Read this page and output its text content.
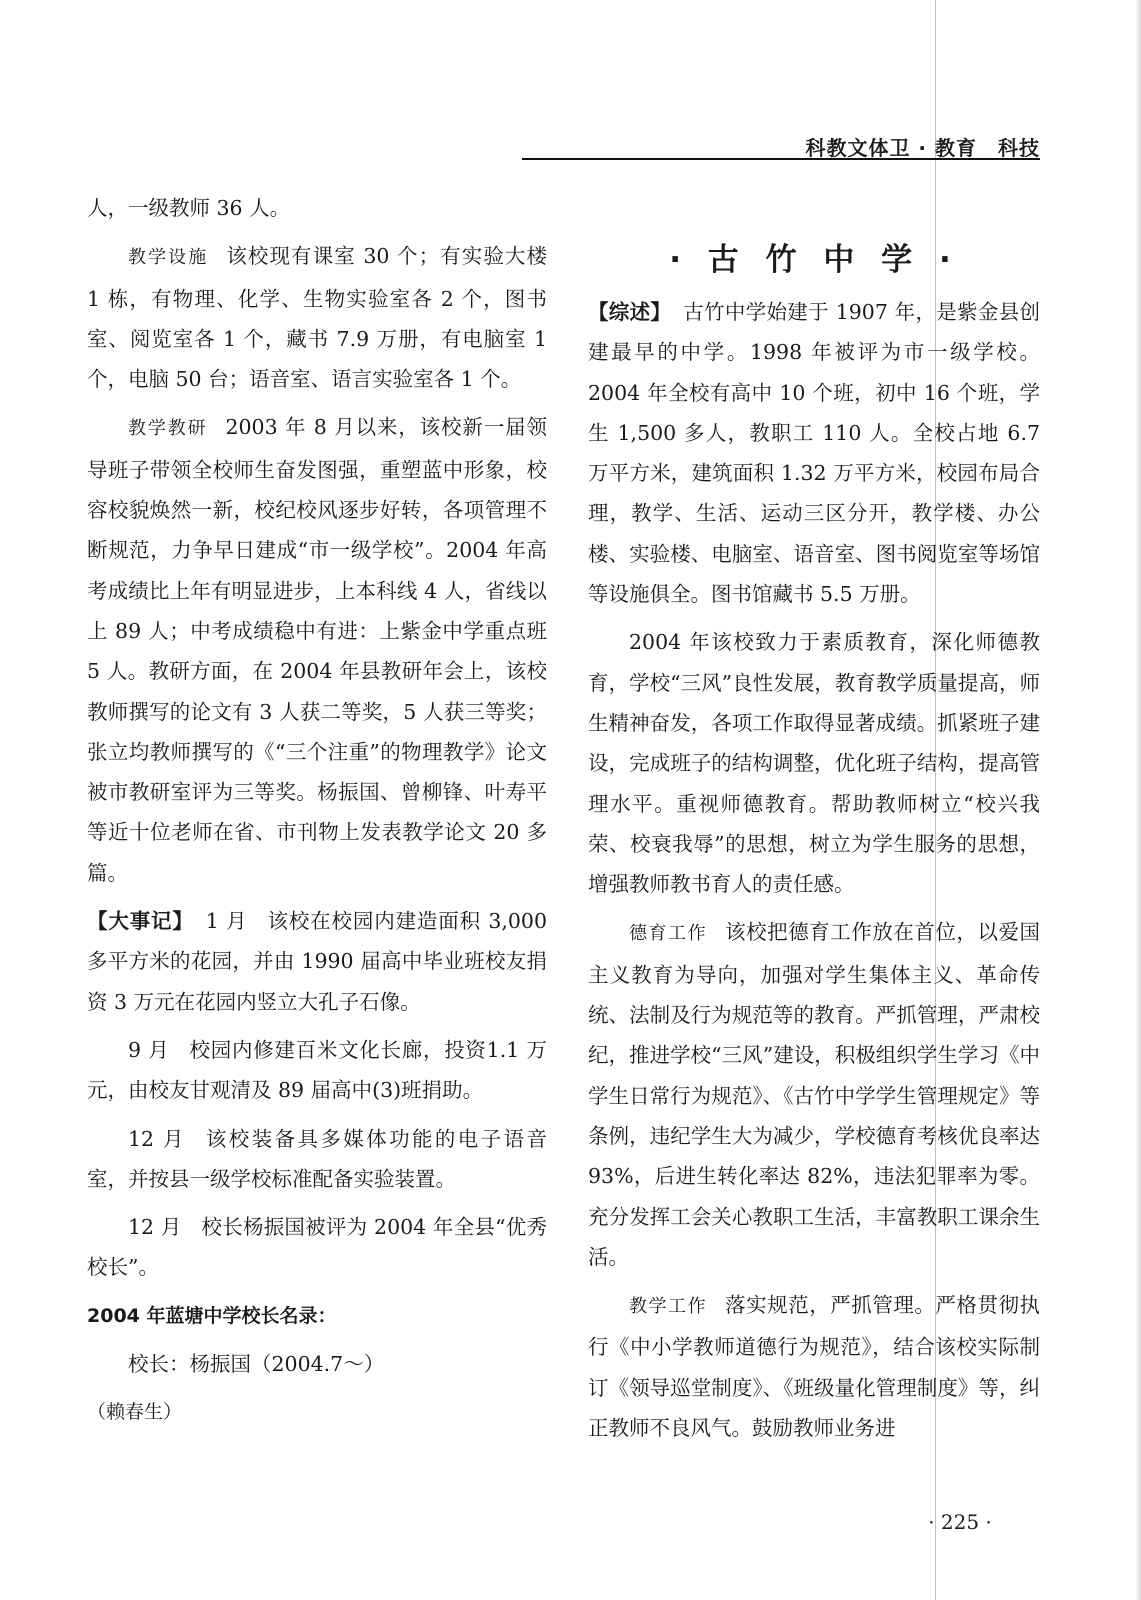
科教文体卫 · 教育　科技

人，一级教师 36 人。

教学设施 该校现有课室 30 个；有实验大楼 1 栋，有物理、化学、生物实验室各 2 个，图书室、阅览室各 1 个，藏书 7.9 万册，有电脑室 1 个，电脑 50 台；语音室、语言实验室各 1 个。

教学教研 2003 年 8 月以来，该校新一届领导班子带领全校师生奋发图强，重塑蓝中形象，校容校貌焕然一新，校纪校风逐步好转，各项管理不断规范，力争早日建成“市一级学校”。2004 年高考成绩比上年有明显进步，上本科线 4 人，省线以上 89 人；中考成绩稳中有进：上紫金中学重点班 5 人。教研方面，在 2004 年县教研年会上，该校教师撰写的论文有 3 人获二等奖，5 人获三等奖；张立均教师撰写的《“三个注重”的物理教学》论文被市教研室评为三等奖。杨振国、曾柳锋、叶寿平等近十位老师在省、市刊物上发表教学论文 20 多篇。

【大事记】 1 月 该校在校园内建造面积 3,000多平方米的花园，并由 1990 届高中毕业班校友捐资 3 万元在花园内竖立大孔子石像。

9 月 校园内修建百米文化长廊，投资1.1 万元，由校友甘观清及 89 届高中(3)班捐助。

12 月 该校装备具多媒体功能的电子语音室，并按县一级学校标准配备实验装置。

12 月 校长杨振国被评为 2004 年全县“优秀校长”。

2004 年蓝塘中学校长名录：

校长：杨振国（2004.7～）

（赖春生）

· 古 竹 中 学 ·

【综述】 古竹中学始建于 1907 年，是紫金县创建最早的中学。1998 年被评为市一级学校。2004 年全校有高中 10 个班，初中 16 个班，学生 1,500 多人，教职工 110 人。全校占地 6.7 万平方米，建筑面积 1.32 万平方米，校园布局合理，教学、生活、运动三区分开，教学楼、办公楼、实验楼、电脑室、语音室、图书阅览室等场馆等设施俱全。图书馆藏书 5.5 万册。

2004 年该校致力于素质教育，深化师德教育，学校“三风”良性发展，教育教学质量提高，师生精神奋发，各项工作取得显著成绩。抓紧班子建设，完成班子的结构调整，优化班子结构，提高管理水平。重视师德教育。帮助教师树立“校兴我荣、校衰我辱”的思想，树立为学生服务的思想，增强教师教书育人的责任感。

德育工作 该校把德育工作放在首位，以爱国主义教育为导向，加强对学生集体主义、革命传统、法制及行为规范等的教育。严抓管理，严肃校纪，推进学校“三风”建设，积极组织学生学习《中学生日常行为规范》、《古竹中学学生管理规定》等条例，违纪学生大为减少，学校德育考核优良率达 93%，后进生转化率达 82%，违法犯罪率为零。充分发挥工会关心教职工生活，丰富教职工课余生活。

教学工作 落实规范，严抓管理。严格贯彻执行《中小学教师道德行为规范》，结合该校实际制订《领导巡堂制度》、《班级量化管理制度》等，纠正教师不良风气。鼓励教师业务进

· 225 ·
